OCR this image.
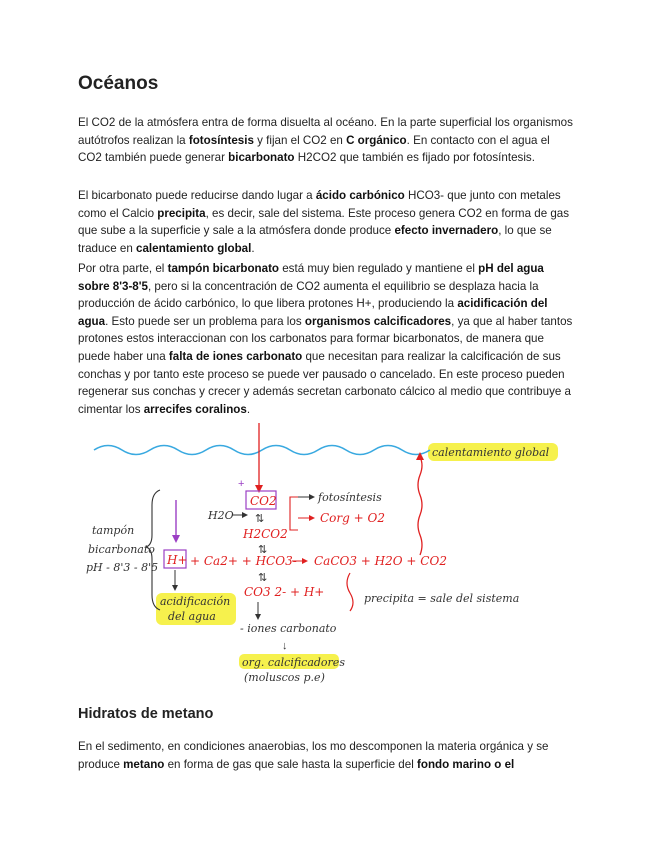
Océanos

El CO2 de la atmósfera entra de forma disuelta al océano. En la parte superficial los organismos autótrofos realizan la fotosíntesis y fijan el CO2 en C orgánico. En contacto con el agua el CO2 también puede generar bicarbonato H2CO2 que también es fijado por fotosíntesis.

El bicarbonato puede reducirse dando lugar a ácido carbónico HCO3- que junto con metales como el Calcio precipita, es decir, sale del sistema. Este proceso genera CO2 en forma de gas que sube a la superficie y sale a la atmósfera donde produce efecto invernadero, lo que se traduce en calentamiento global.

Por otra parte, el tampón bicarbonato está muy bien regulado y mantiene el pH del agua sobre 8'3-8'5, pero si la concentración de CO2 aumenta el equilibrio se desplaza hacia la producción de ácido carbónico, lo que libera protones H+, produciendo la acidificación del agua. Esto puede ser un problema para los organismos calcificadores, ya que al haber tantos protones estos interaccionan con los carbonatos para formar bicarbonatos, de manera que puede haber una falta de iones carbonato que necesitan para realizar la calcificación de sus conchas y por tanto este proceso se puede ver pausado o cancelado. En este proceso pueden regenerar sus conchas y crecer y además secretan carbonato cálcico al medio que contribuye a cimentar los arrecifes coralinos.

calentamiento global
tampón
bicarbonato
pH - 8'3 - 8'5
+
CO2
H2O ⇅
H2CO2
fotosíntesis
Corg + O2
⇅
H+ + Ca2+ + HCO3- CaCO3 + H2O + CO2
⇅
CO3 2- + H+	precipita = sale del sistema
acidificación
del agua
- iones carbonato
↓
org. calcificadores
(moluscos p.e)
Hidratos de metano

En el sedimento, en condiciones anaerobias, los mo descomponen la materia orgánica y se produce metano en forma de gas que sale hasta la superficie del fondo marino o el
